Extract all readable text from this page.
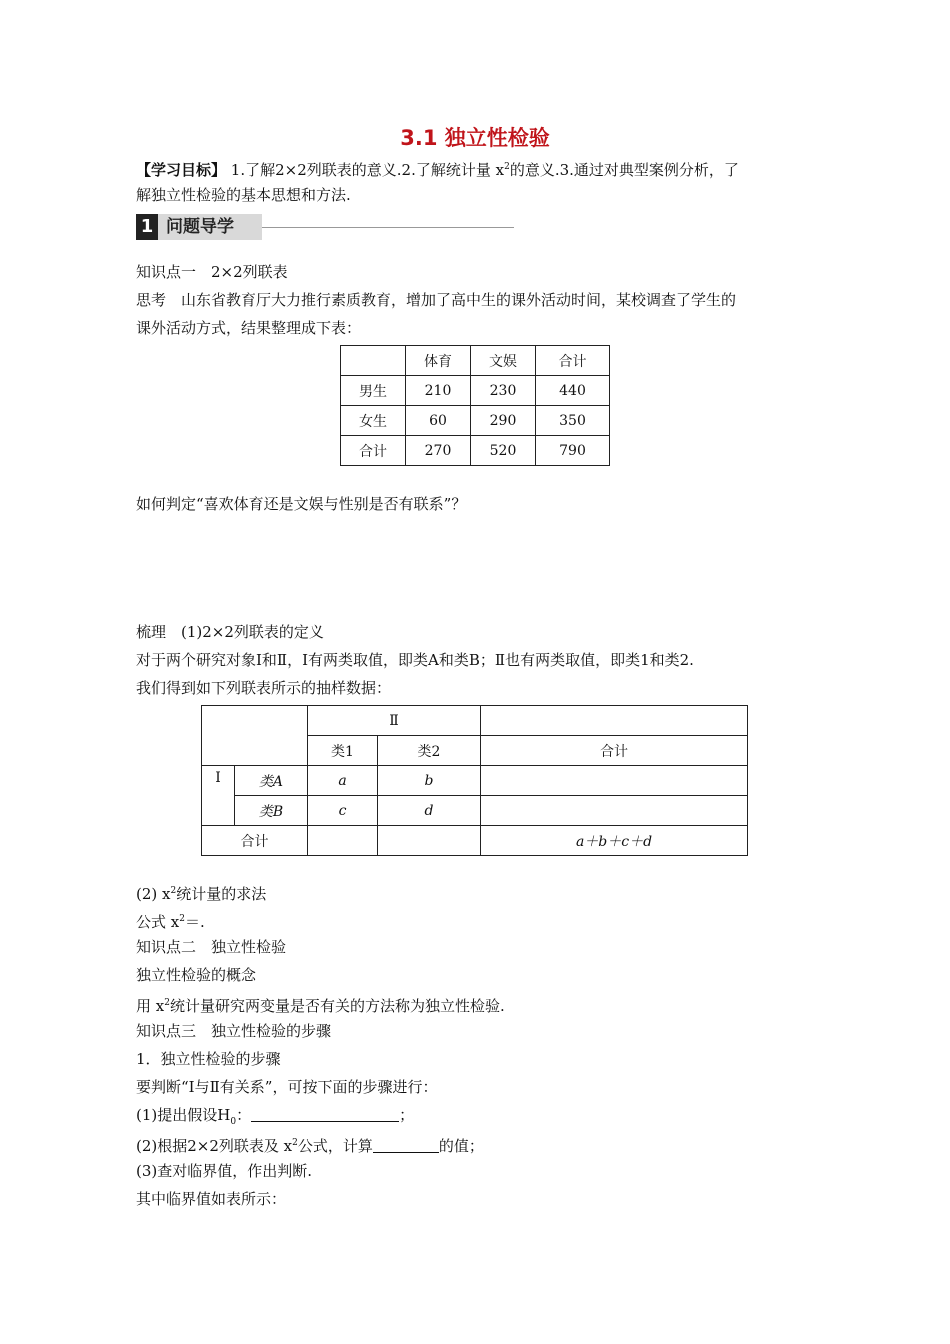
3.1 独立性检验
【学习目标】 1.了解2×2列联表的意义.2.了解统计量 $x^2$的意义.3.通过对典型案例分析，了
解独立性检验的基本思想和方法.
1 问题导学
知识点一　2×2列联表
思考　山东省教育厅大力推行素质教育，增加了高中生的课外活动时间，某校调查了学生的
课外活动方式，结果整理成下表：
	体育	文娱	合计
男生	210	230	440
女生	60	290	350
合计	270	520	790
如何判定“喜欢体育还是文娱与性别是否有联系”？
梳理　(1)2×2列联表的定义
对于两个研究对象Ⅰ和Ⅱ，Ⅰ有两类取值，即类A和类B；Ⅱ也有两类取值，即类1和类2.
我们得到如下列联表所示的抽样数据：
		Ⅱ		
		类1	类2	合计
Ⅰ	类A	a	b	
	类B	c	d	
合计				a＋b＋c＋d
(2) $x^2$统计量的求法
公式 $x^2=$.
知识点二　独立性检验
独立性检验的概念
用 $x^2$统计量研究两变量是否有关的方法称为独立性检验.
知识点三　独立性检验的步骤
1．独立性检验的步骤
要判断“Ⅰ与Ⅱ有关系”，可按下面的步骤进行：
(1)提出假设$H_0$：	；
(2)根据2×2列联表及 $x^2$公式，计算	的值；
(3)查对临界值，作出判断.
其中临界值如表所示：
